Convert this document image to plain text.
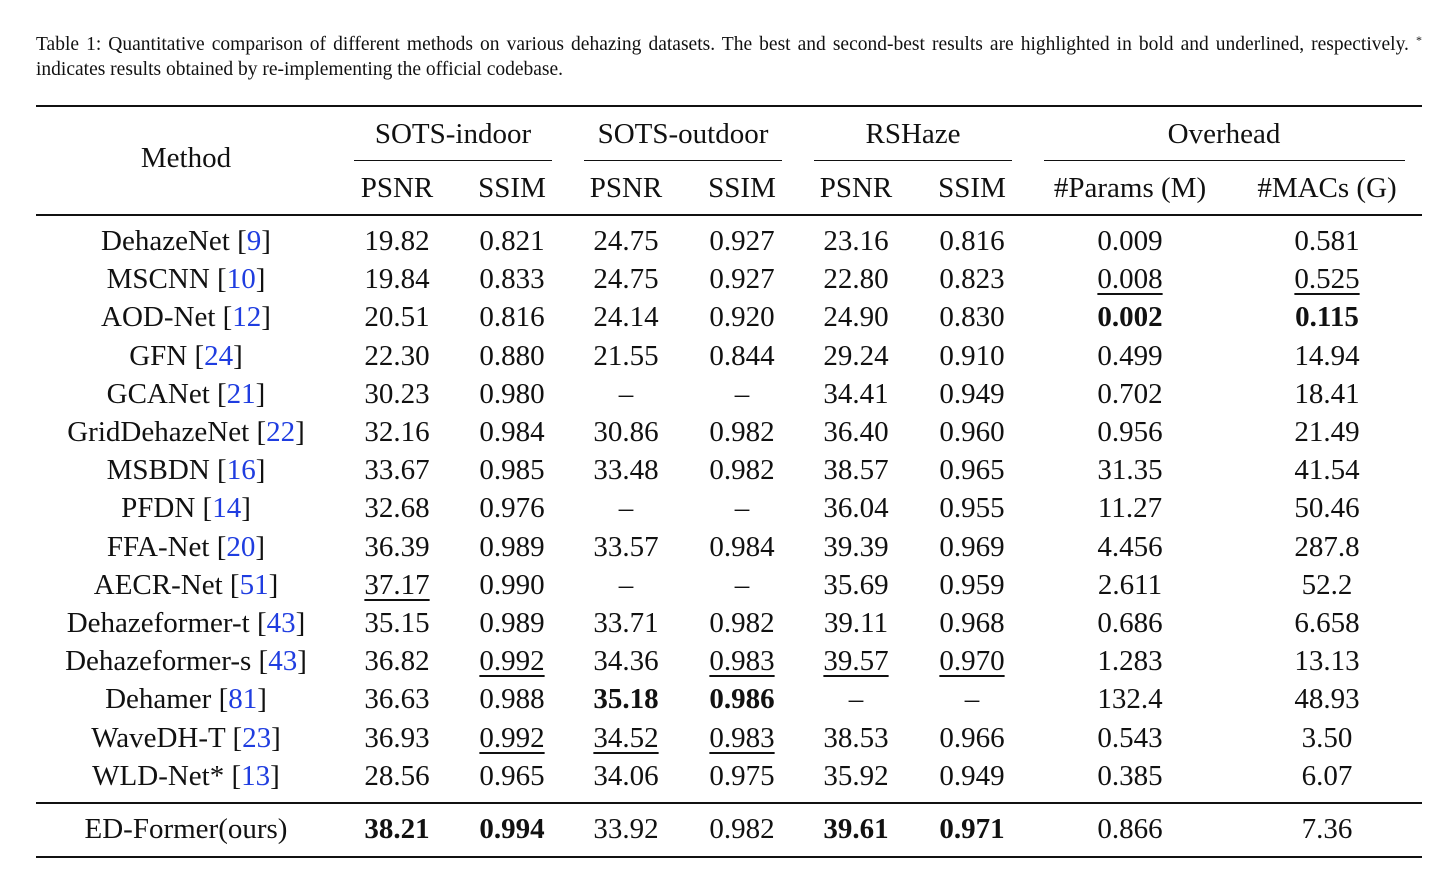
Table 1: Quantitative comparison of different methods on various dehazing datasets. The best and second-best results are highlighted in bold and underlined, respectively. * indicates results obtained by re-implementing the official codebase.
Method
SOTS-indoor SOTS-outdoor	RSHaze	Overhead
PSNR SSIM PSNR SSIM PSNR SSIM #Params (M) #MACs (G)
DehazeNet [9]	19.82 0.821 24.75 0.927 23.16 0.816	0.009	0.581
MSCNN [10]	19.84 0.833 24.75 0.927 22.80 0.823	0.008	0.525
AOD-Net [12]	20.51 0.816 24.14 0.920 24.90 0.830	0.002	0.115
GFN [24]	22.30 0.880 21.55 0.844 29.24 0.910	0.499	14.94
GCANet [21]	30.23 0.980	–	–	34.41 0.949	0.702	18.41
GridDehazeNet [22] 32.16 0.984 30.86 0.982 36.40 0.960	0.956	21.49
MSBDN [16]	33.67 0.985 33.48 0.982 38.57 0.965	31.35	41.54
PFDN [14]	32.68 0.976	–	–	36.04 0.955	11.27	50.46
FFA-Net [20]	36.39 0.989 33.57 0.984 39.39 0.969	4.456	287.8
AECR-Net [51]	37.17 0.990	–	–	35.69 0.959	2.611	52.2
Dehazeformer-t [43] 35.15 0.989 33.71 0.982 39.11 0.968	0.686	6.658
Dehazeformer-s [43] 36.82 0.992 34.36 0.983 39.57 0.970	1.283	13.13
Dehamer [81]	36.63 0.988 35.18 0.986	–	–	132.4	48.93
WaveDH-T [23]	36.93 0.992 34.52 0.983 38.53 0.966	0.543	3.50
WLD-Net* [13]	28.56 0.965 34.06 0.975 35.92 0.949	0.385	6.07
ED-Former(ours)	38.21 0.994 33.92 0.982 39.61 0.971	0.866	7.36
